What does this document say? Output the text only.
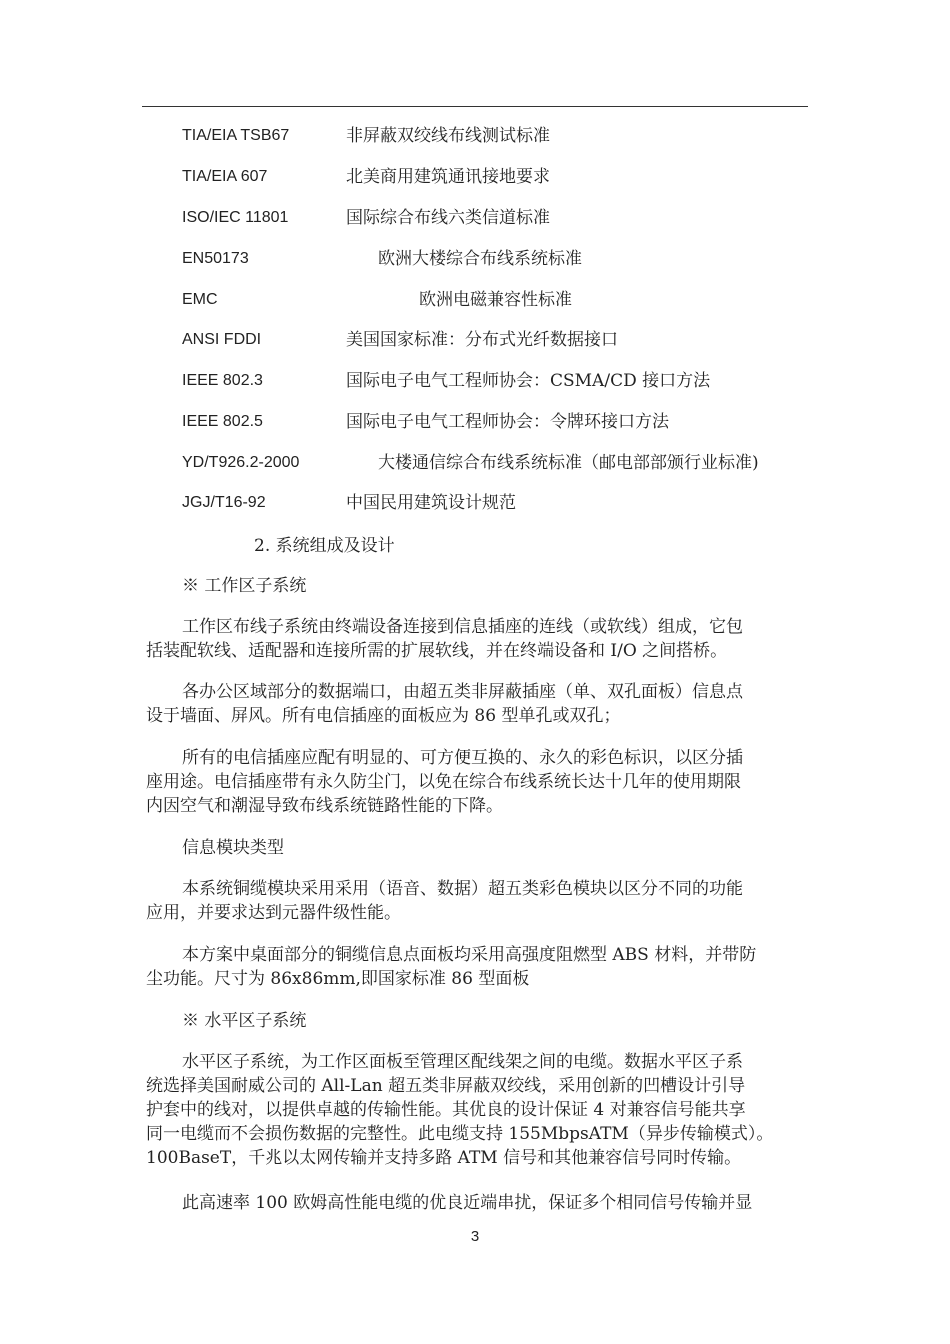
TIA/EIA TSB67	非屏蔽双绞线布线测试标准
TIA/EIA 607	北美商用建筑通讯接地要求
ISO/IEC 11801	国际综合布线六类信道标准
EN50173	欧洲大楼综合布线系统标准
EMC	欧洲电磁兼容性标准
ANSI FDDI	美国国家标准：分布式光纤数据接口
IEEE 802.3	国际电子电气工程师协会：CSMA/CD 接口方法
IEEE 802.5	国际电子电气工程师协会：令牌环接口方法
YD/T926.2-2000	大楼通信综合布线系统标准（邮电部部颁行业标准)
JGJ/T16-92	中国民用建筑设计规范
2. 系统组成及设计
※ 工作区子系统
工作区布线子系统由终端设备连接到信息插座的连线（或软线）组成，它包
括装配软线、适配器和连接所需的扩展软线，并在终端设备和 I/O 之间搭桥。
各办公区域部分的数据端口，由超五类非屏蔽插座（单、双孔面板）信息点
设于墙面、屏风。所有电信插座的面板应为 86 型单孔或双孔；
所有的电信插座应配有明显的、可方便互换的、永久的彩色标识，以区分插
座用途。电信插座带有永久防尘门，以免在综合布线系统长达十几年的使用期限
内因空气和潮湿导致布线系统链路性能的下降。
信息模块类型
本系统铜缆模块采用采用（语音、数据）超五类彩色模块以区分不同的功能
应用，并要求达到元器件级性能。
本方案中桌面部分的铜缆信息点面板均采用高强度阻燃型 ABS 材料，并带防
尘功能。尺寸为 86x86mm,即国家标准 86 型面板
※ 水平区子系统
水平区子系统，为工作区面板至管理区配线架之间的电缆。数据水平区子系
统选择美国耐威公司的 All-Lan 超五类非屏蔽双绞线，采用创新的凹槽设计引导
护套中的线对，以提供卓越的传输性能。其优良的设计保证 4 对兼容信号能共享
同一电缆而不会损伤数据的完整性。此电缆支持 155MbpsATM（异步传输模式）。
100BaseT，千兆以太网传输并支持多路 ATM 信号和其他兼容信号同时传输。
此高速率 100 欧姆高性能电缆的优良近端串扰，保证多个相同信号传输并显
3
